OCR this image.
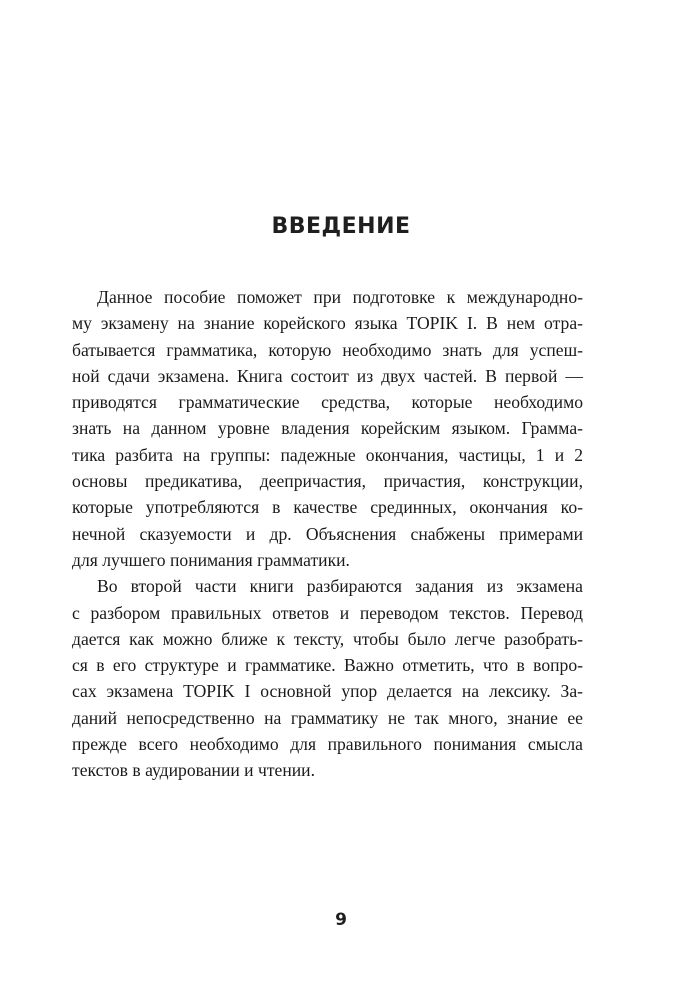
ВВЕДЕНИЕ
Данное пособие поможет при подготовке к международно-
му экзамену на знание корейского языка TOPIK I. В нем отра-
батывается грамматика, которую необходимо знать для успеш-
ной сдачи экзамена. Книга состоит из двух частей. В первой —
приводятся грамматические средства, которые необходимо
знать на данном уровне владения корейским языком. Грамма-
тика разбита на группы: падежные окончания, частицы, 1 и 2
основы предикатива, деепричастия, причастия, конструкции,
которые употребляются в качестве срединных, окончания ко-
нечной сказуемости и др. Объяснения снабжены примерами
для лучшего понимания грамматики.
Во второй части книги разбираются задания из экзамена
с разбором правильных ответов и переводом текстов. Перевод
дается как можно ближе к тексту, чтобы было легче разобрать-
ся в его структуре и грамматике. Важно отметить, что в вопро-
сах экзамена TOPIK I основной упор делается на лексику. За-
даний непосредственно на грамматику не так много, знание ее
прежде всего необходимо для правильного понимания смысла
текстов в аудировании и чтении.
9
